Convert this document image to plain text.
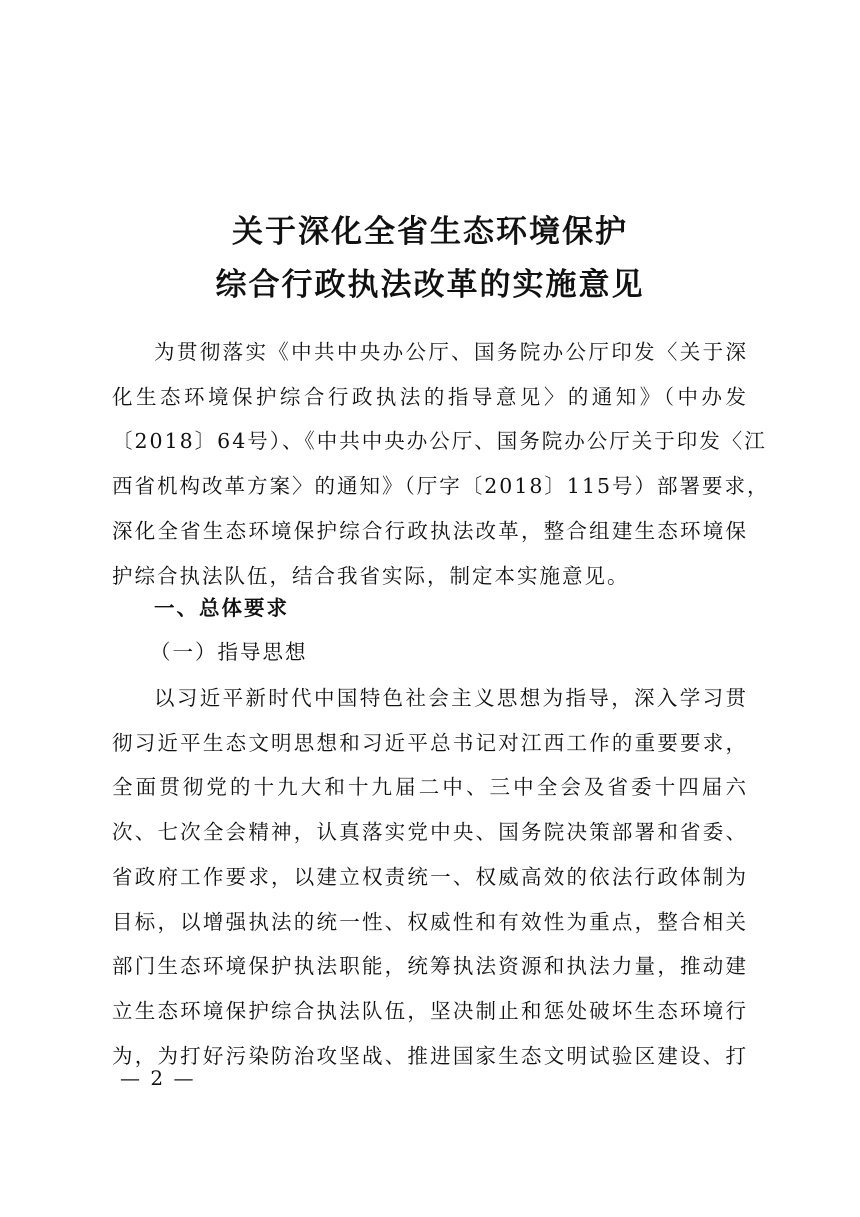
关于深化全省生态环境保护
综合行政执法改革的实施意见
为贯彻落实《中共中央办公厅、国务院办公厅印发〈关于深
化生态环境保护综合行政执法的指导意见〉的通知》（中办发
〔2018〕64号）、《中共中央办公厅、国务院办公厅关于印发〈江
西省机构改革方案〉的通知》（厅字〔2018〕115号）部署要求，
深化全省生态环境保护综合行政执法改革，整合组建生态环境保
护综合执法队伍，结合我省实际，制定本实施意见。
一、总体要求
（一）指导思想
以习近平新时代中国特色社会主义思想为指导，深入学习贯
彻习近平生态文明思想和习近平总书记对江西工作的重要要求，
全面贯彻党的十九大和十九届二中、三中全会及省委十四届六
次、七次全会精神，认真落实党中央、国务院决策部署和省委、
省政府工作要求，以建立权责统一、权威高效的依法行政体制为
目标，以增强执法的统一性、权威性和有效性为重点，整合相关
部门生态环境保护执法职能，统筹执法资源和执法力量，推动建
立生态环境保护综合执法队伍，坚决制止和惩处破坏生态环境行
为，为打好污染防治攻坚战、推进国家生态文明试验区建设、打
— 2 —
